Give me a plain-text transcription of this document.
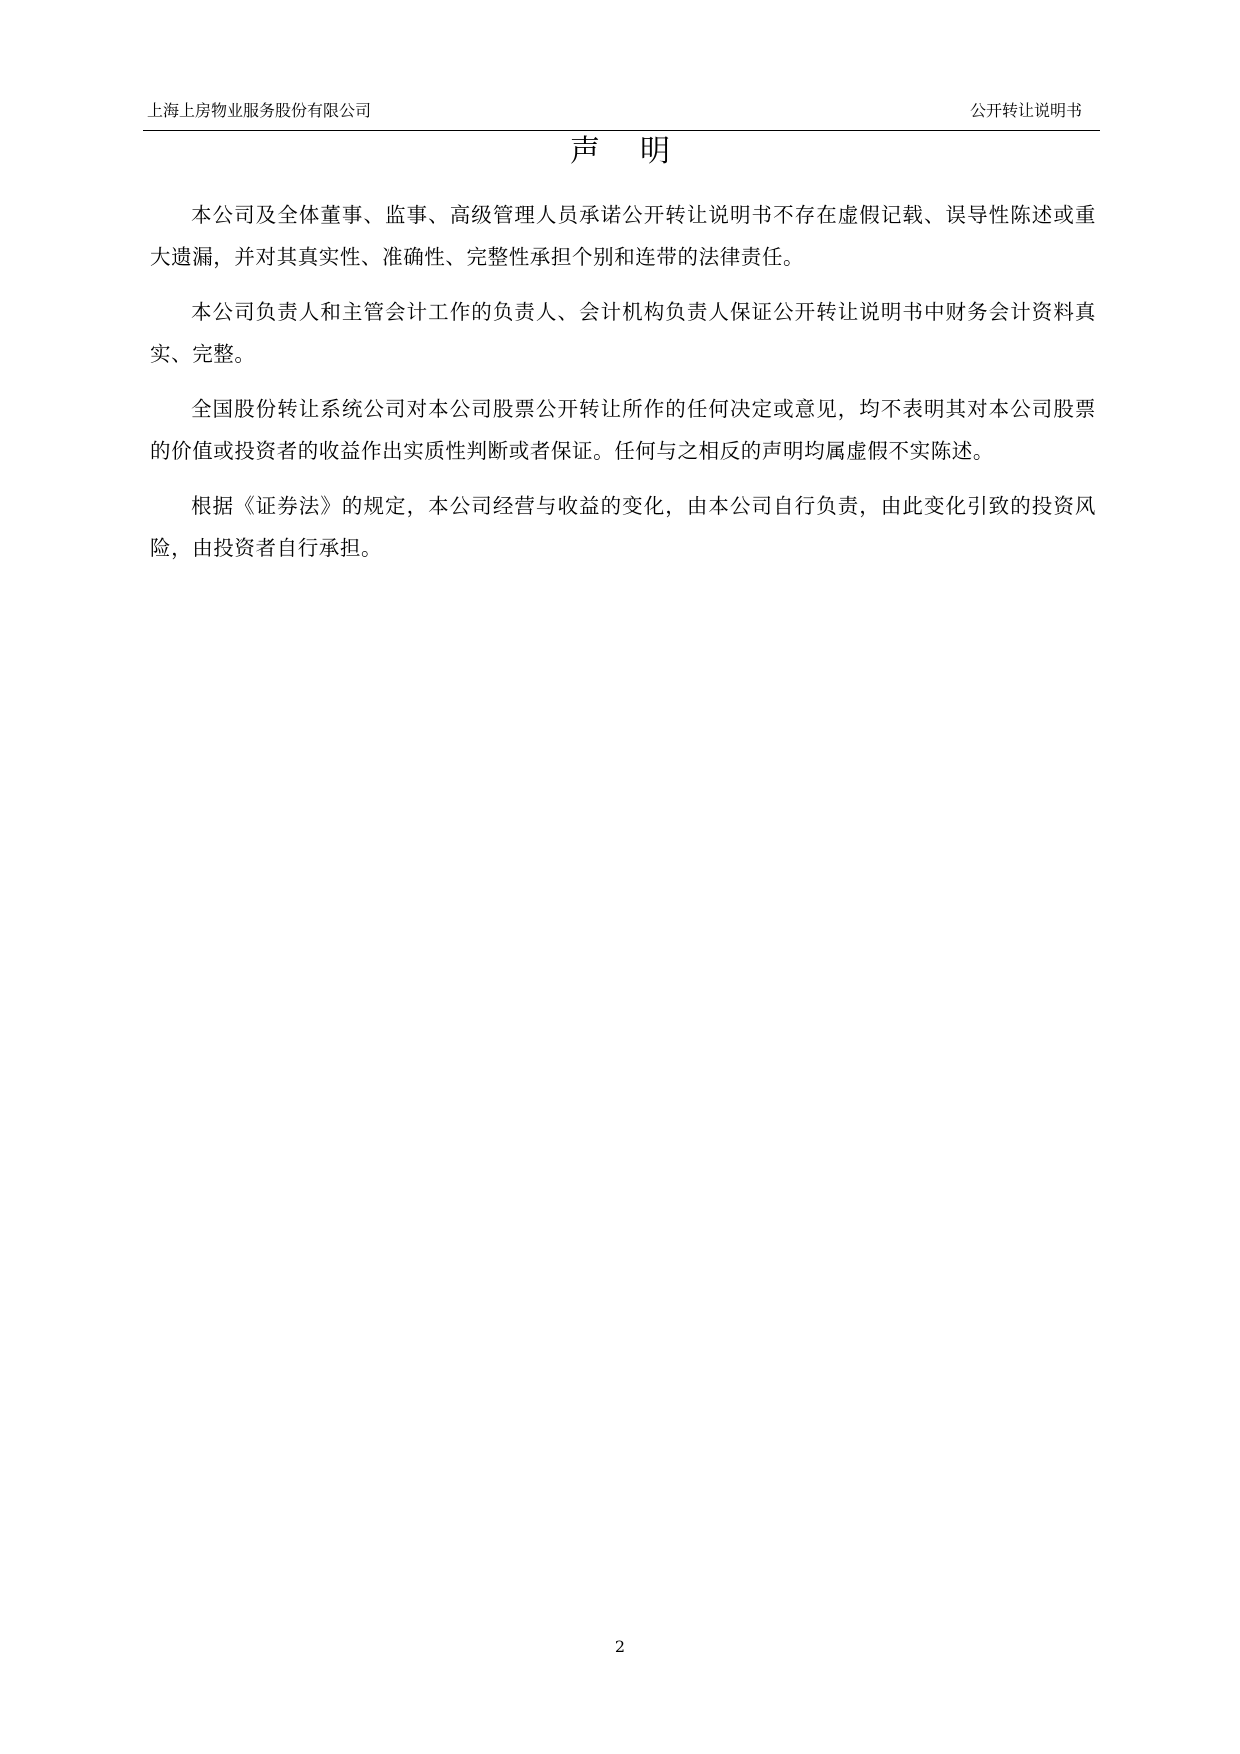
上海上房物业服务股份有限公司	公开转让说明书
声 明

本公司及全体董事、监事、高级管理人员承诺公开转让说明书不存在虚假记载、误导性陈述或重大遗漏，并对其真实性、准确性、完整性承担个别和连带的法律责任。

本公司负责人和主管会计工作的负责人、会计机构负责人保证公开转让说明书中财务会计资料真实、完整。

全国股份转让系统公司对本公司股票公开转让所作的任何决定或意见，均不表明其对本公司股票的价值或投资者的收益作出实质性判断或者保证。任何与之相反的声明均属虚假不实陈述。

根据《证券法》的规定，本公司经营与收益的变化，由本公司自行负责，由此变化引致的投资风险，由投资者自行承担。

2
